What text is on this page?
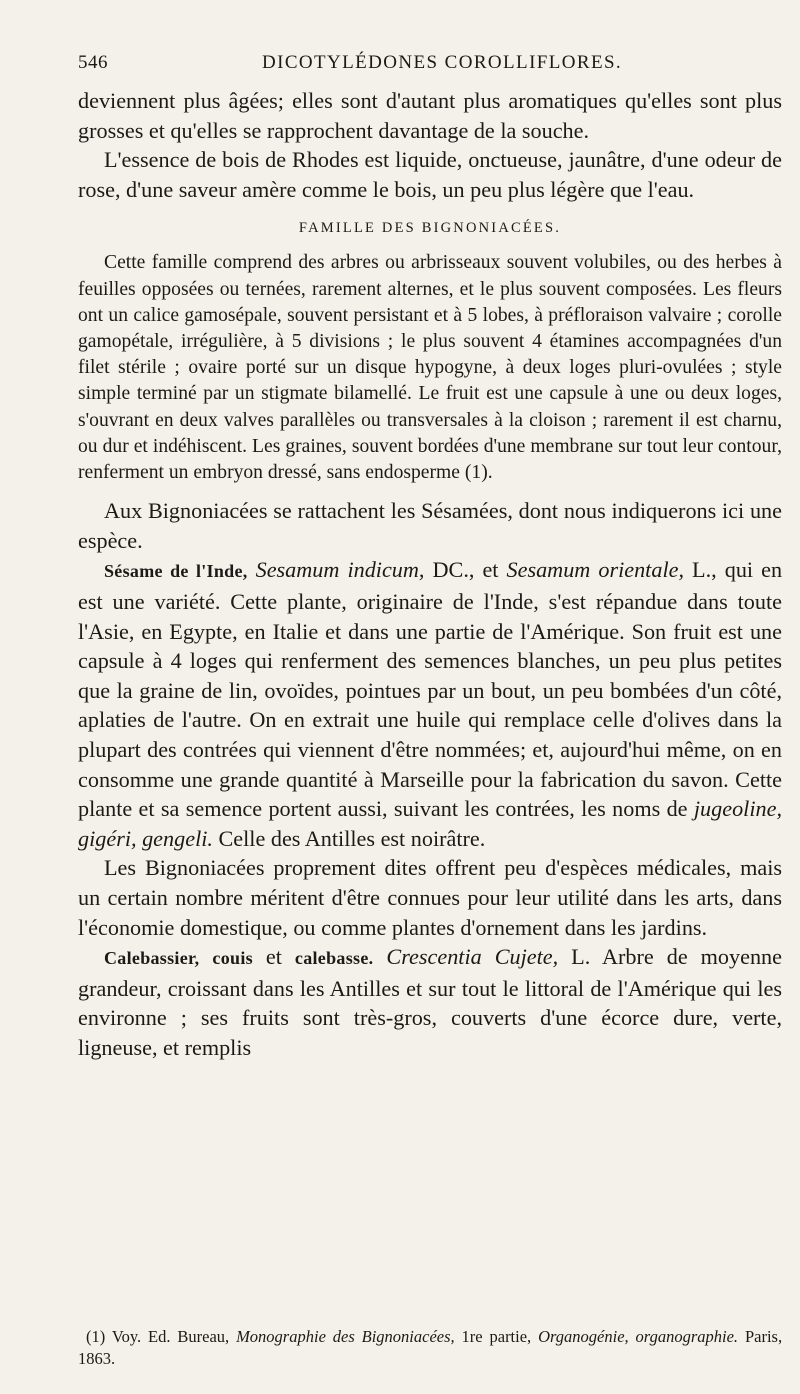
546	DICOTYLÉDONES COROLLIFLORES.

deviennent plus âgées; elles sont d'autant plus aromatiques qu'elles sont plus grosses et qu'elles se rapprochent davantage de la souche.

L'essence de bois de Rhodes est liquide, onctueuse, jaunâtre, d'une odeur de rose, d'une saveur amère comme le bois, un peu plus légère que l'eau.

FAMILLE DES BIGNONIACÉES.

Cette famille comprend des arbres ou arbrisseaux souvent volubiles, ou des herbes à feuilles opposées ou ternées, rarement alternes, et le plus souvent composées. Les fleurs ont un calice gamosépale, souvent persistant et à 5 lobes, à préfloraison valvaire ; corolle gamopétale, irrégulière, à 5 divisions ; le plus souvent 4 étamines accompagnées d'un filet stérile ; ovaire porté sur un disque hypogyne, à deux loges pluri-ovulées ; style simple terminé par un stigmate bilamellé. Le fruit est une capsule à une ou deux loges, s'ouvrant en deux valves parallèles ou transversales à la cloison ; rarement il est charnu, ou dur et indéhiscent. Les graines, souvent bordées d'une membrane sur tout leur contour, renferment un embryon dressé, sans endosperme (1).

Aux Bignoniacées se rattachent les Sésamées, dont nous indiquerons ici une espèce.

Sésame de l'Inde, Sesamum indicum, DC., et Sesamum orientale, L., qui en est une variété. Cette plante, originaire de l'Inde, s'est répandue dans toute l'Asie, en Egypte, en Italie et dans une partie de l'Amérique. Son fruit est une capsule à 4 loges qui renferment des semences blanches, un peu plus petites que la graine de lin, ovoïdes, pointues par un bout, un peu bombées d'un côté, aplaties de l'autre. On en extrait une huile qui remplace celle d'olives dans la plupart des contrées qui viennent d'être nommées; et, aujourd'hui même, on en consomme une grande quantité à Marseille pour la fabrication du savon. Cette plante et sa semence portent aussi, suivant les contrées, les noms de jugeoline, gigéri, gengeli. Celle des Antilles est noirâtre.

Les Bignoniacées proprement dites offrent peu d'espèces médicales, mais un certain nombre méritent d'être connues pour leur utilité dans les arts, dans l'économie domestique, ou comme plantes d'ornement dans les jardins.

Calebassier, couis et calebasse. Crescentia Cujete, L. Arbre de moyenne grandeur, croissant dans les Antilles et sur tout le littoral de l'Amérique qui les environne ; ses fruits sont très-gros, couverts d'une écorce dure, verte, ligneuse, et remplis

(1) Voy. Ed. Bureau, Monographie des Bignoniacées, 1re partie, Organogénie, organographie. Paris, 1863.
